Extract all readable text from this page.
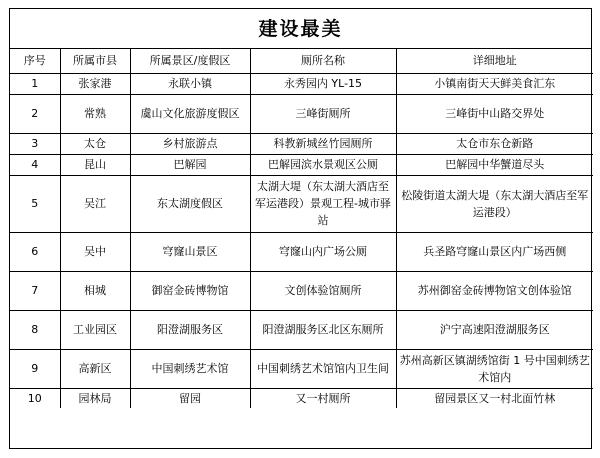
建设最美
序号	所属市县	所属景区/度假区	厕所名称	详细地址
1	张家港	永联小镇	永秀园内 YL-15	小镇南街天天鲜美食汇东
2	常熟	虞山文化旅游度假区	三峰街厕所	三峰街中山路交界处
3	太仓	乡村旅游点	科教新城丝竹园厕所	太仓市东仓新路
4	昆山	巴解园	巴解园滨水景观区公厕	巴解园中华蟹道尽头
5	吴江	东太湖度假区	太湖大堤（东太湖大酒店至军运港段）景观工程-城市驿站	松陵街道太湖大堤（东太湖大酒店至军运港段）
6	吴中	穹窿山景区	穹窿山内广场公厕	兵圣路穹窿山景区内广场西侧
7	相城	御窑金砖博物馆	文创体验馆厕所	苏州御窑金砖博物馆文创体验馆
8	工业园区	阳澄湖服务区	阳澄湖服务区北区东厕所	沪宁高速阳澄湖服务区
9	高新区	中国刺绣艺术馆	中国刺绣艺术馆馆内卫生间	苏州高新区镇湖绣馆街 1 号中国刺绣艺术馆内
10	园林局	留园	又一村厕所	留园景区又一村北面竹林
